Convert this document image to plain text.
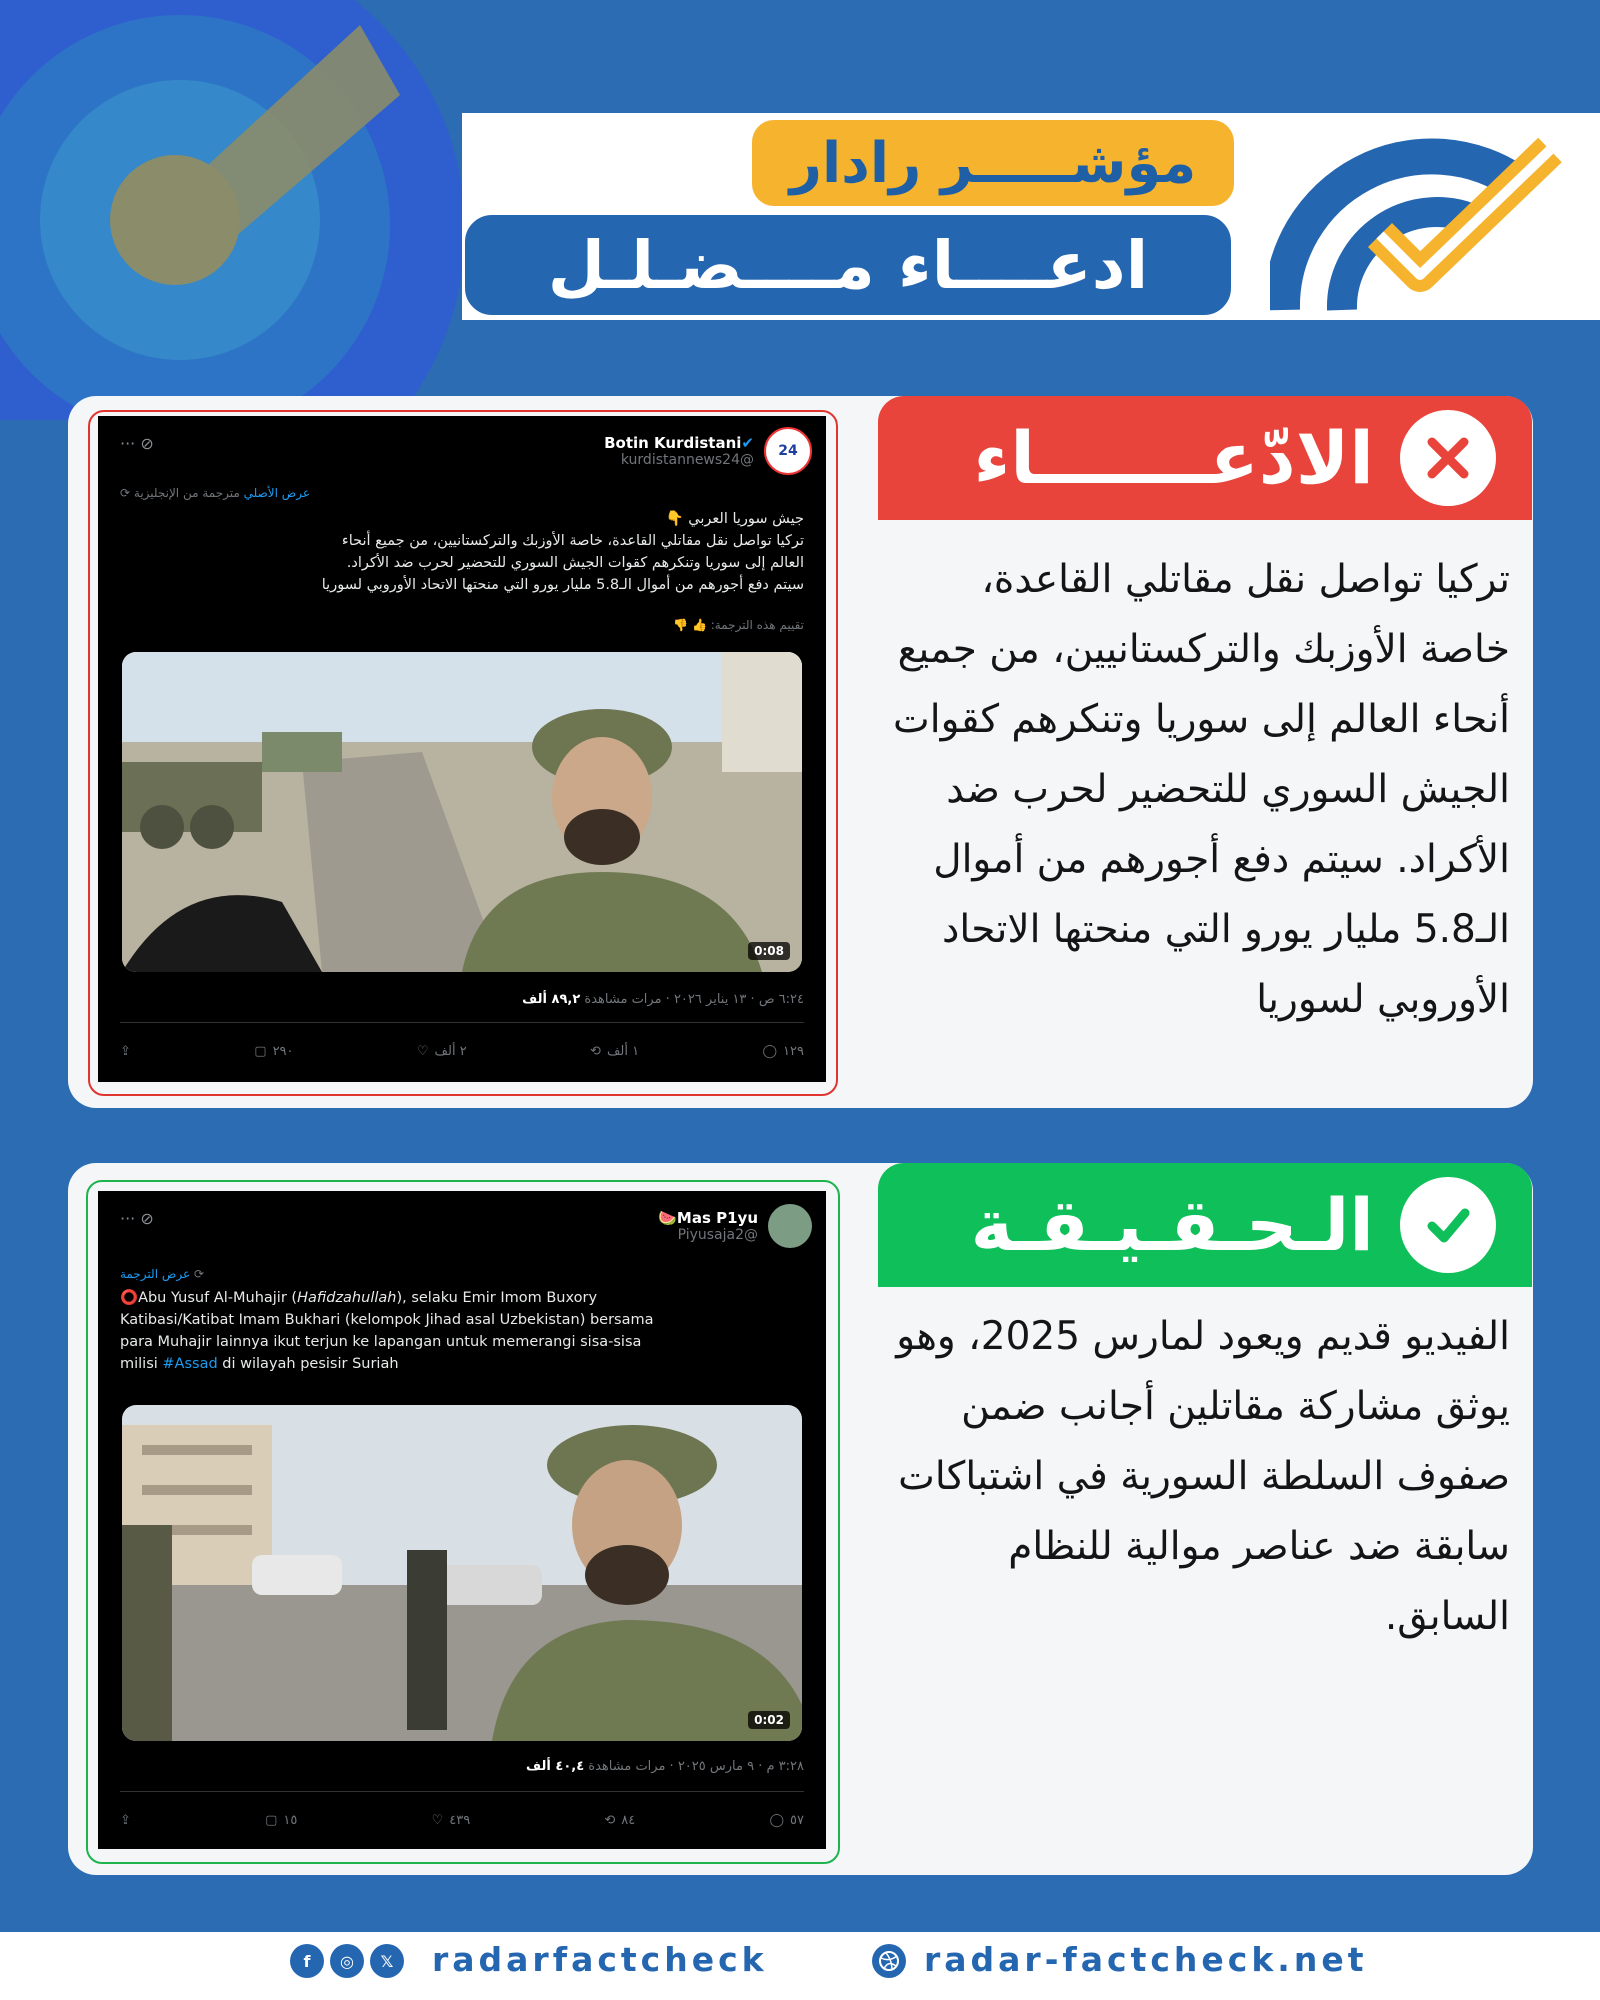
مؤشـــــر رادار
ادعــــاء مــــضـلـل
الادّعـــــــاء
تركيا تواصل نقل مقاتلي القاعدة، خاصة الأوزبك والتركستانيين، من جميع أنحاء العالم إلى سوريا وتنكرهم كقوات الجيش السوري للتحضير لحرب ضد الأكراد. سيتم دفع أجورهم من أموال الـ5.8 مليار يورو التي منحتها الاتحاد الأوروبي لسوريا
··· ⊘	24
✔Botin Kurdistani
@kurdistannews24
عرض الأصلي مترجمة من الإنجليزية ⟳
جيش سوريا العربي 👇
تركيا تواصل نقل مقاتلي القاعدة، خاصة الأوزبك والتركستانيين، من جميع أنحاء
العالم إلى سوريا وتنكرهم كقوات الجيش السوري للتحضير لحرب ضد الأكراد.
سيتم دفع أجورهم من أموال الـ5.8 مليار يورو التي منحتها الاتحاد الأوروبي لسوريا
تقييم هذه الترجمة: 👍 👎
0:08
٦:٢٤ ص · ١٣ يناير ٢٠٢٦ · مرات مشاهدة ٨٩,٢ ألف
⇪	▢ ٢٩٠	♡ ٢ ألف	⟲ ١ ألف	◯ ١٢٩
الـحـقـيـقـة
الفيديو قديم ويعود لمارس 2025، وهو يوثق مشاركة مقاتلين أجانب ضمن صفوف السلطة السورية في اشتباكات سابقة ضد عناصر موالية للنظام السابق.
··· ⊘	Mas P1yu🍉
@Piyusaja2
⟳ عرض الترجمة
⭕Abu Yusuf Al-Muhajir (Hafidzahullah), selaku Emir Imom Buxory
Katibasi/Katibat Imam Bukhari (kelompok Jihad asal Uzbekistan) bersama
para Muhajir lainnya ikut terjun ke lapangan untuk memerangi sisa-sisa
milisi #Assad di wilayah pesisir Suriah
0:02
٣:٢٨ م · ٩ مارس ٢٠٢٥ · مرات مشاهدة ٤٠,٤ ألف
⇪	▢ ١٥	♡ ٤٣٩	⟲ ٨٤	◯ ٥٧
f	◎	𝕏	radarfactcheck	radar-factcheck.net
